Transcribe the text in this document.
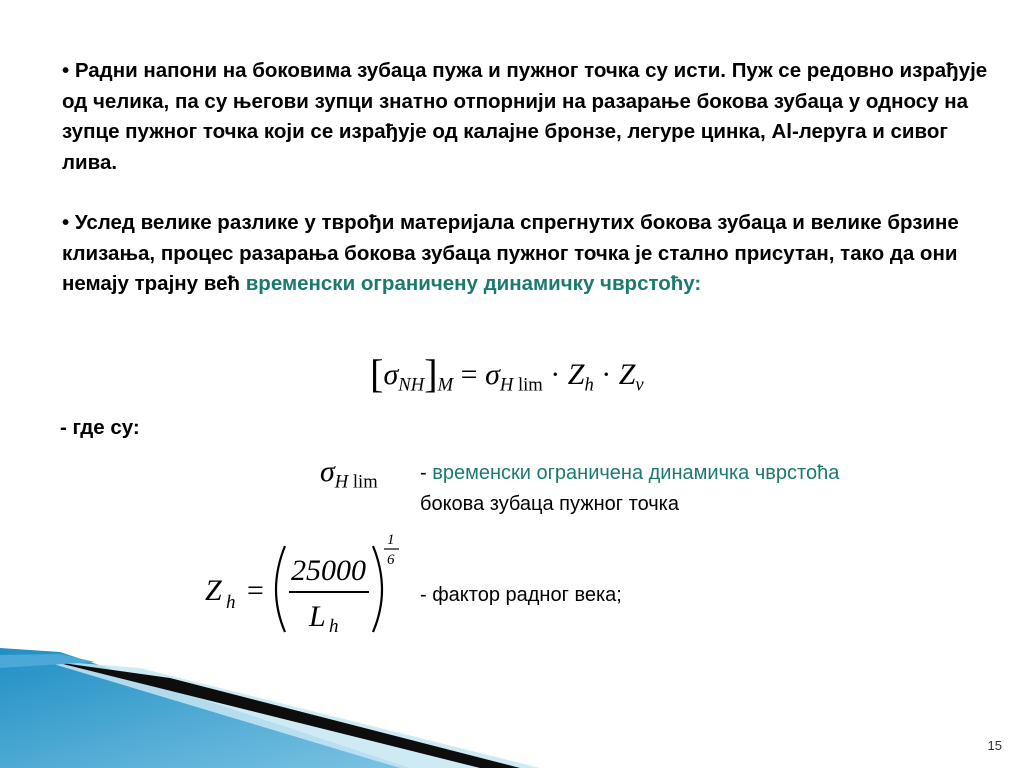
• Радни напони на боковима зубаца пужа и пужног точка су исти. Пуж се редовно израђује од челика, па су његови зупци знатно отпорнији на разарање бокова зубаца у односу на зупце пужног точка који се израђује од калајне бронзе, легуре цинка, Al-леруга и сивог лива.
• Услед велике разлике у тврођи материјала спрегнутих бокова зубаца и велике брзине клизања, процес разарања бокова зубаца пужног точка је стално присутан, тако да они немају трајну већ временски ограничену динамичку чврстоћу:
$[\sigma_{NH}]_M = \sigma_{H lim} \cdot Z_h \cdot Z_v$
- где су:
$\sigma_{H lim}$ - временски ограничена динамичка чврстоћа бокова зубаца пужног точка
Z h =
25000
L h
1
6
- фактор радног века;
15
